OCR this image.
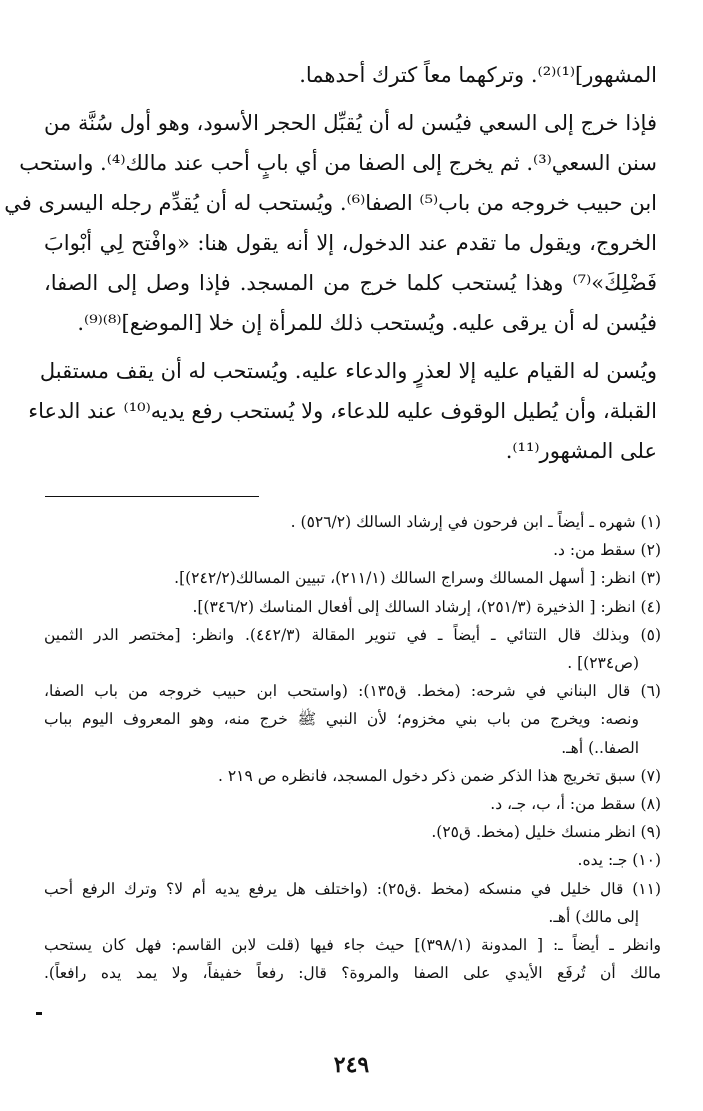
المشهور]⁽¹⁾⁽²⁾. وتركهما معاً كترك أحدهما.

فإذا خرج إلى السعي فيُسن له أن يُقبِّل الحجر الأسود، وهو أول سُنَّة من
سنن السعي⁽³⁾. ثم يخرج إلى الصفا من أي بابٍ أحب عند مالك⁽⁴⁾. واستحب
ابن حبيب خروجه من باب⁽⁵⁾ الصفا⁽⁶⁾. ويُستحب له أن يُقدِّم رجله اليسرى في
الخروج، ويقول ما تقدم عند الدخول، إلا أنه يقول هنا: «وافْتح لِي أبْوابَ
فَضْلِكَ»⁽⁷⁾ وهذا يُستحب كلما خرج من المسجد. فإذا وصل إلى الصفا،
فيُسن له أن يرقى عليه. ويُستحب ذلك للمرأة إن خلا [الموضع]⁽⁸⁾⁽⁹⁾.

ويُسن له القيام عليه إلا لعذرٍ والدعاء عليه. ويُستحب له أن يقف مستقبل
القبلة، وأن يُطيل الوقوف عليه للدعاء، ولا يُستحب رفع يديه⁽¹⁰⁾ عند الدعاء
على المشهور⁽¹¹⁾.

(١) شهره ـ أيضاً ـ ابن فرحون في إرشاد السالك (٥٢٦/٢) .
(٢) سقط من: د.
(٣) انظر: [ أسهل المسالك وسراج السالك (٢١١/١)، تبيين المسالك(٢٤٢/٢)].
(٤) انظر: [ الذخيرة (٢٥١/٣)، إرشاد السالك إلى أفعال المناسك (٣٤٦/٢)].
(٥) وبذلك قال التتائي ـ أيضاً ـ في تنوير المقالة (٤٤٢/٣). وانظر: [مختصر الدر الثمين
(ص٢٣٤)] .
(٦) قال البناني في شرحه: (مخط. ق١٣٥): (واستحب ابن حبيب خروجه من باب الصفا،
ونصه: ويخرج من باب بني مخزوم؛ لأن النبي ﷺ خرج منه، وهو المعروف اليوم بباب
الصفا..) أهـ.
(٧) سبق تخريج هذا الذكر ضمن ذكر دخول المسجد، فانظره ص ٢١٩ .
(٨) سقط من: أ، ب، جـ، د.
(٩) انظر منسك خليل (مخط. ق٢٥).
(١٠) جـ: يده.
(١١) قال خليل في منسكه (مخط .ق٢٥): (واختلف هل يرفع يديه أم لا؟ وترك الرفع أحب
إلى مالك) أهـ.
وانظر ـ أيضاً ـ: [ المدونة (٣٩٨/١)] حيث جاء فيها (قلت لابن القاسم: فهل كان يستحب
مالك أن تُرفَع الأيدي على الصفا والمروة؟ قال: رفعاً خفيفاً، ولا يمد يده رافعاً).
٢٤٩
